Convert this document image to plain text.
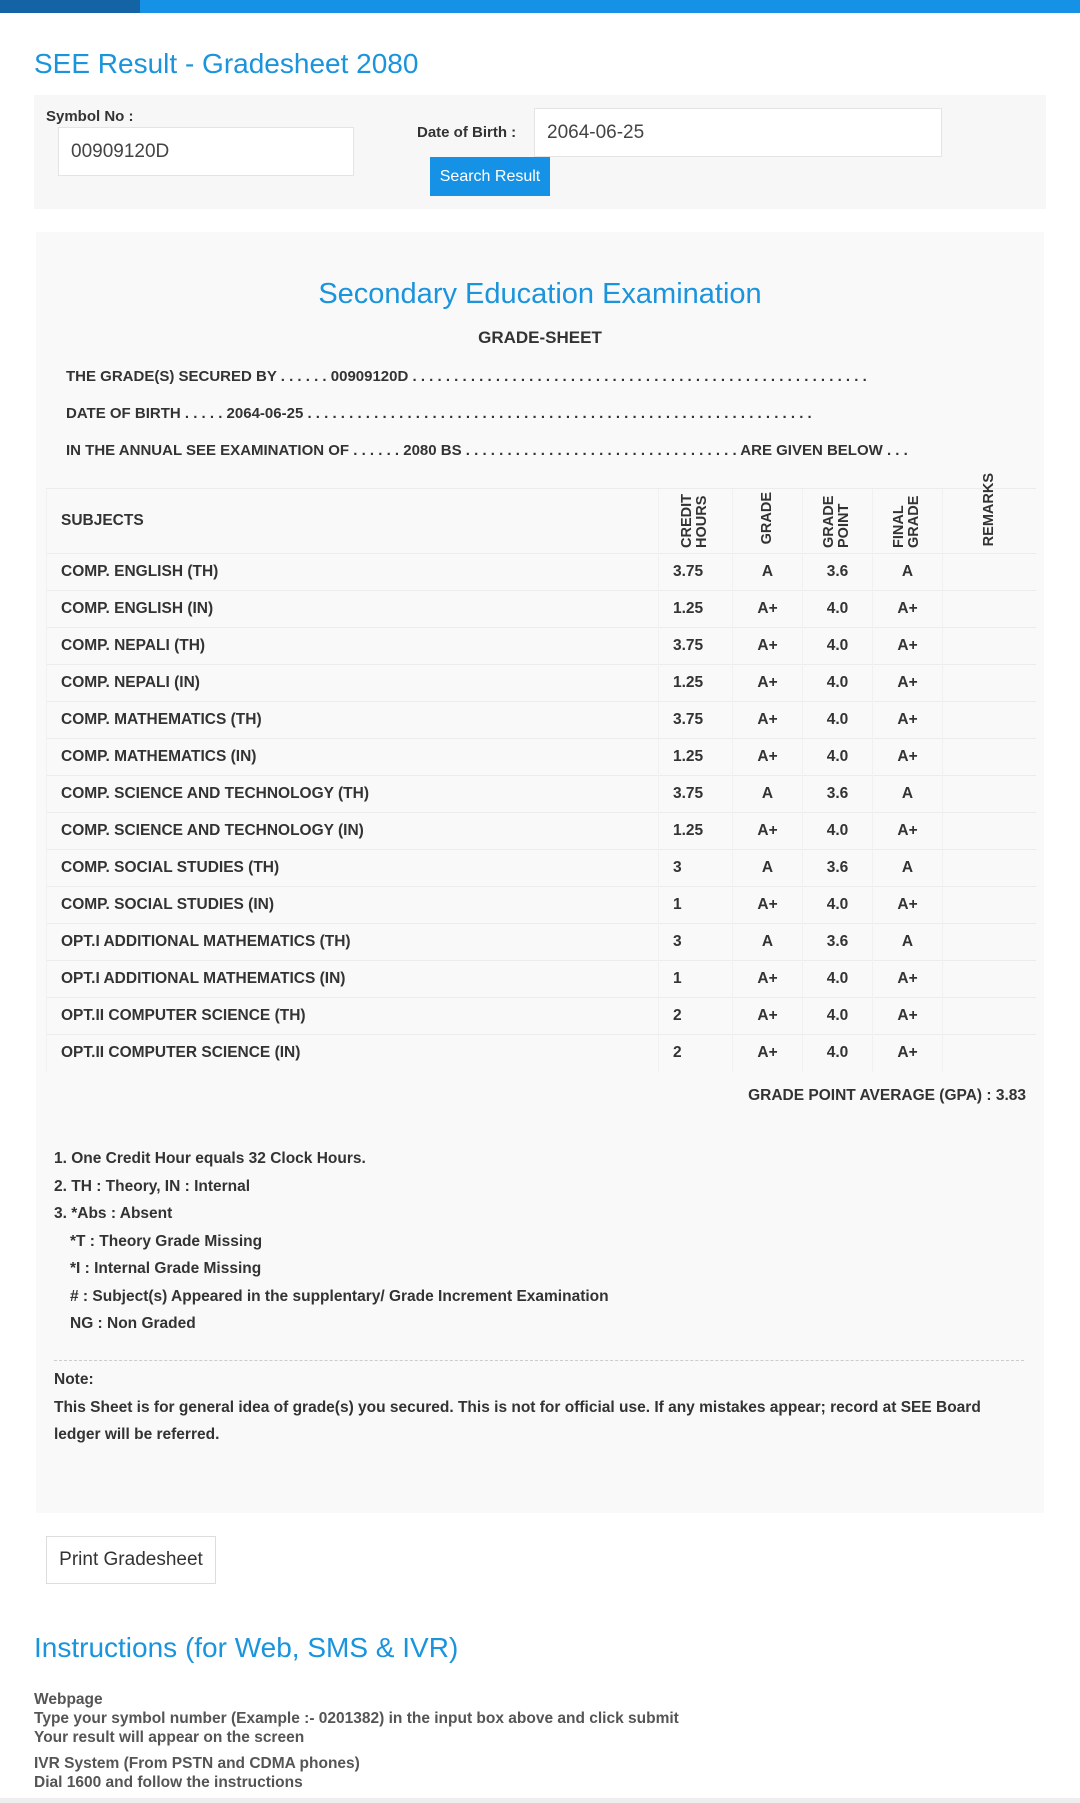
SEE Result - Gradesheet 2080
Symbol No :
00909120D
Date of Birth :	2064-06-25
Search Result
Secondary Education Examination
GRADE-SHEET
THE GRADE(S) SECURED BY . . . . . . 00909120D . . . . . . . . . . . . . . . . . . . . . . . . . . . . . . . . . . . . . . . . . . . . . . . . . . . . . . .
DATE OF BIRTH . . . . . 2064-06-25 . . . . . . . . . . . . . . . . . . . . . . . . . . . . . . . . . . . . . . . . . . . . . . . . . . . . . . . . . . . . .
IN THE ANNUAL SEE EXAMINATION OF . . . . . . 2080 BS . . . . . . . . . . . . . . . . . . . . . . . . . . . . . . . . . ARE GIVEN BELOW . . .
SUBJECTS	CREDIT HOURS	GRADE	GRADE POINT	FINAL GRADE	REMARKS
COMP. ENGLISH (TH)	3.75	A	3.6	A	
COMP. ENGLISH (IN)	1.25	A+	4.0	A+	
COMP. NEPALI (TH)	3.75	A+	4.0	A+	
COMP. NEPALI (IN)	1.25	A+	4.0	A+	
COMP. MATHEMATICS (TH)	3.75	A+	4.0	A+	
COMP. MATHEMATICS (IN)	1.25	A+	4.0	A+	
COMP. SCIENCE AND TECHNOLOGY (TH)	3.75	A	3.6	A	
COMP. SCIENCE AND TECHNOLOGY (IN)	1.25	A+	4.0	A+	
COMP. SOCIAL STUDIES (TH)	3	A	3.6	A	
COMP. SOCIAL STUDIES (IN)	1	A+	4.0	A+	
OPT.I ADDITIONAL MATHEMATICS (TH)	3	A	3.6	A	
OPT.I ADDITIONAL MATHEMATICS (IN)	1	A+	4.0	A+	
OPT.II COMPUTER SCIENCE (TH)	2	A+	4.0	A+	
OPT.II COMPUTER SCIENCE (IN)	2	A+	4.0	A+	
GRADE POINT AVERAGE (GPA) : 3.83
1. One Credit Hour equals 32 Clock Hours.
2. TH : Theory, IN : Internal
3. *Abs : Absent
*T : Theory Grade Missing
*I : Internal Grade Missing
# : Subject(s) Appeared in the supplentary/ Grade Increment Examination
NG : Non Graded
Note:
This Sheet is for general idea of grade(s) you secured. This is not for official use. If any mistakes appear; record at SEE Board ledger will be referred.
Print Gradesheet
Instructions (for Web, SMS & IVR)
Webpage
Type your symbol number (Example :- 0201382) in the input box above and click submit
Your result will appear on the screen
IVR System (From PSTN and CDMA phones)
Dial 1600 and follow the instructions
